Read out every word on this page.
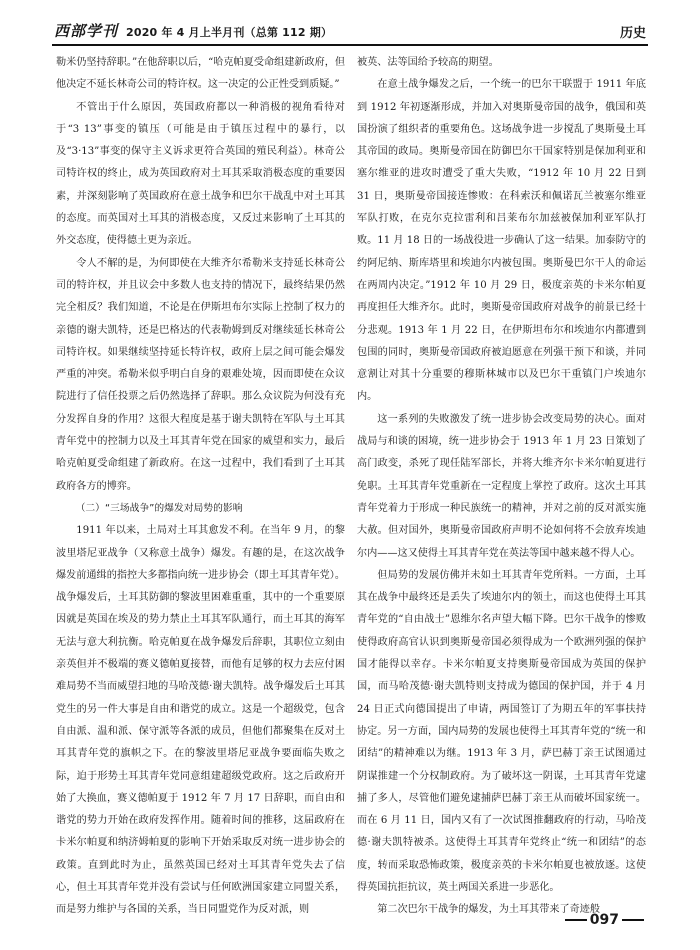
西部学刊 2020 年 4 月上半月刊（总第 112 期）	历史

勒米仍坚持辞职。”在他辞职以后，“哈克帕夏受命组建新政府，但他决定不延长林奇公司的特许权。这一决定的公正性受到质疑。”

不管出于什么原因，英国政府都以一种消极的视角看待对于“3 13”事变的镇压（可能是由于镇压过程中的暴行，以及“3·13”事变的保守主义诉求更符合英国的殖民利益）。林奇公司特许权的终止，成为英国政府对土耳其采取消极态度的重要因素，并深刻影响了英国政府在意土战争和巴尔干战乱中对土耳其的态度。而英国对土耳其的消极态度，又反过来影响了土耳其的外交态度，使得德土更为亲近。

令人不解的是，为何即使在大维齐尔希勒米支持延长林奇公司的特许权，并且议会中多数人也支持的情况下，最终结果仍然完全相反？我们知道，不论是在伊斯坦布尔实际上控制了权力的亲德的谢夫凯特，还是巴格达的代表勒姆到反对继续延长林奇公司特许权。如果继续坚持延长特许权，政府上层之间可能会爆发严重的冲突。希勒米似乎明白自身的艰难处境，因而即使在众议院进行了信任投票之后仍然选择了辞职。那么众议院为何没有充分发挥自身的作用？这很大程度是基于谢夫凯特在军队与土耳其青年党中的控制力以及土耳其青年党在国家的威望和实力，最后哈克帕夏受命组建了新政府。在这一过程中，我们看到了土耳其政府各方的博弈。

（二）“三场战争”的爆发对局势的影响

1911 年以来，土局对土耳其愈发不利。在当年 9 月，的黎波里塔尼亚战争（又称意土战争）爆发。有趣的是，在这次战争爆发前通缉的指控大多都指向统一进步协会（即土耳其青年党）。战争爆发后，土耳其防御的黎波里困难重重，其中的一个重要原因就是英国在埃及的势力禁止土耳其军队通行，而土耳其的海军无法与意大利抗衡。哈克帕夏在战争爆发后辞职，其职位立刻由亲英但并不极端的赛义德帕夏接替，而他有足够的权力去应付困难局势不当而威望扫地的马哈茂德·谢夫凯特。战争爆发后土耳其党生的另一件大事是自由和谐党的成立。这是一个超级党，包含自由派、温和派、保守派等各派的成员，但他们都聚集在反对土耳其青年党的旗帜之下。在的黎波里塔尼亚战争要面临失败之际，迫于形势土耳其青年党同意组建超级党政府。这之后政府开始了大换血，赛义德帕夏于 1912 年 7 月 17 日辞职，而自由和谐党的势力开始在政府发挥作用。随着时间的推移，这届政府在卡米尔帕夏和纳济姆帕夏的影响下开始采取反对统一进步协会的政策。直到此时为止，虽然英国已经对土耳其青年党失去了信心，但土耳其青年党并没有尝试与任何欧洲国家建立同盟关系，而是努力维护与各国的关系，当日同盟党作为反对派，则

被英、法等国给予较高的期望。

在意土战争爆发之后，一个统一的巴尔干联盟于 1911 年底到 1912 年初逐渐形成，并加入对奥斯曼帝国的战争，俄国和英国扮演了组织者的重要角色。这场战争进一步搅乱了奥斯曼土耳其帝国的政局。奥斯曼帝国在防御巴尔干国家特别是保加利亚和塞尔维亚的进攻时遭受了重大失败，“1912 年 10 月 22 日到 31 日，奥斯曼帝国接连惨败：在科索沃和佩诺瓦兰被塞尔维亚军队打败，在克尔克拉雷利和吕莱布尔加兹被保加利亚军队打败。11 月 18 日的一场战役进一步确认了这一结果。加泰防守的约阿尼纳、斯库塔里和埃迪尔内被包围。奥斯曼巴尔干人的命运在两周内决定。”1912 年 10 月 29 日，极度亲英的卡米尔帕夏再度担任大维齐尔。此时，奥斯曼帝国政府对战争的前景已经十分悲观。1913 年 1 月 22 日，在伊斯坦布尔和埃迪尔内都遭到包围的同时，奥斯曼帝国政府被迫愿意在列强干预下和谈，并同意割让对其十分重要的穆斯林城市以及巴尔干重镇门户埃迪尔内。

这一系列的失败激发了统一进步协会改变局势的决心。面对战局与和谈的困境，统一进步协会于 1913 年 1 月 23 日策划了高门政变，杀死了现任陆军部长，并将大维齐尔卡米尔帕夏进行免职。土耳其青年党重新在一定程度上掌控了政府。这次土耳其青年党着力于形成一种民族统一的精神，并对之前的反对派实施大赦。但对国外，奥斯曼帝国政府声明不论如何将不会放弃埃迪尔内——这又使得土耳其青年党在英法等国中越来越不得人心。

但局势的发展仿佛并未如土耳其青年党所料。一方面，土耳其在战争中最终还是丢失了埃迪尔内的领土，而这也使得土耳其青年党的“自由战士”恩维尔名声望大幅下降。巴尔干战争的惨败使得政府高官认识到奥斯曼帝国必须得成为一个欧洲列强的保护国才能得以幸存。卡米尔帕夏支持奥斯曼帝国成为英国的保护国，而马哈茂德·谢夫凯特则支持成为德国的保护国，并于 4 月 24 日正式向德国提出了申请，两国签订了为期五年的军事扶持协定。另一方面，国内局势的发展也使得土耳其青年党的“统一和团结”的精神难以为继。1913 年 3 月，萨巴赫丁亲王试图通过阴谋推建一个分权制政府。为了破坏这一阴谋，土耳其青年党逮捕了多人，尽管他们避免逮捕萨巴赫丁亲王从而破坏国家统一。而在 6 月 11 日，国内又有了一次试图推翻政府的行动，马哈茂德·谢夫凯特被杀。这使得土耳其青年党终止“统一和团结”的态度，转而采取恐怖政策，极度亲英的卡米尔帕夏也被放逐。这使得英国抗拒抗议，英土两国关系进一步恶化。

第二次巴尔干战争的爆发，为土耳其带来了奇迹般

097
